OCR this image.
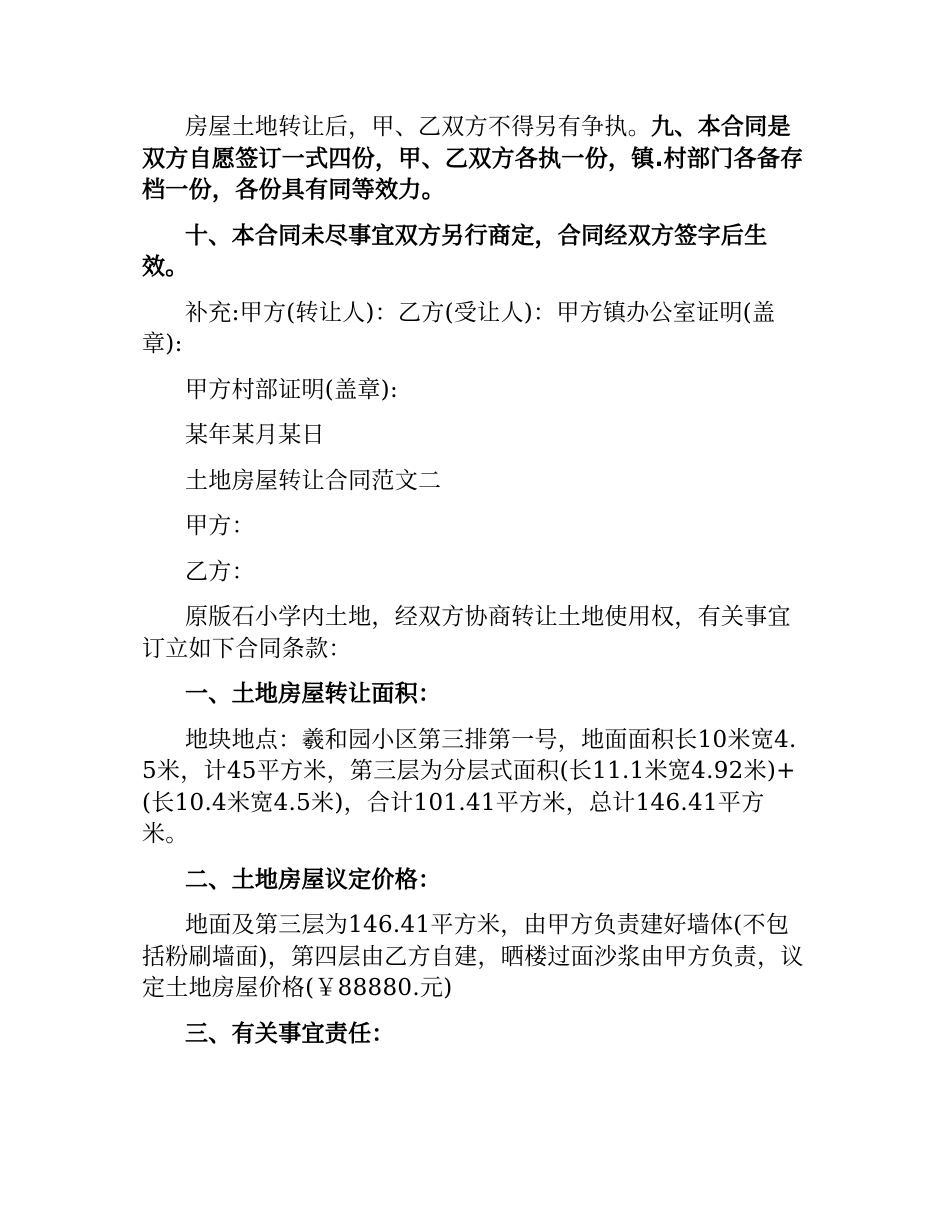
房屋土地转让后，甲、乙双方不得另有争执。九、本合同是双方自愿签订一式四份，甲、乙双方各执一份，镇.村部门各备存档一份，各份具有同等效力。

十、本合同未尽事宜双方另行商定，合同经双方签字后生效。

补充:甲方(转让人)：乙方(受让人)：甲方镇办公室证明(盖章):

甲方村部证明(盖章):

某年某月某日

土地房屋转让合同范文二

甲方：

乙方：

原版石小学内土地，经双方协商转让土地使用权，有关事宜订立如下合同条款：

一、土地房屋转让面积：

地块地点：羲和园小区第三排第一号，地面面积长10米宽4.5米，计45平方米，第三层为分层式面积(长11.1米宽4.92米)+(长10.4米宽4.5米)，合计101.41平方米，总计146.41平方米。

二、土地房屋议定价格：

地面及第三层为146.41平方米，由甲方负责建好墙体(不包括粉刷墙面)，第四层由乙方自建，晒楼过面沙浆由甲方负责，议定土地房屋价格(￥88880.元)

三、有关事宜责任：
